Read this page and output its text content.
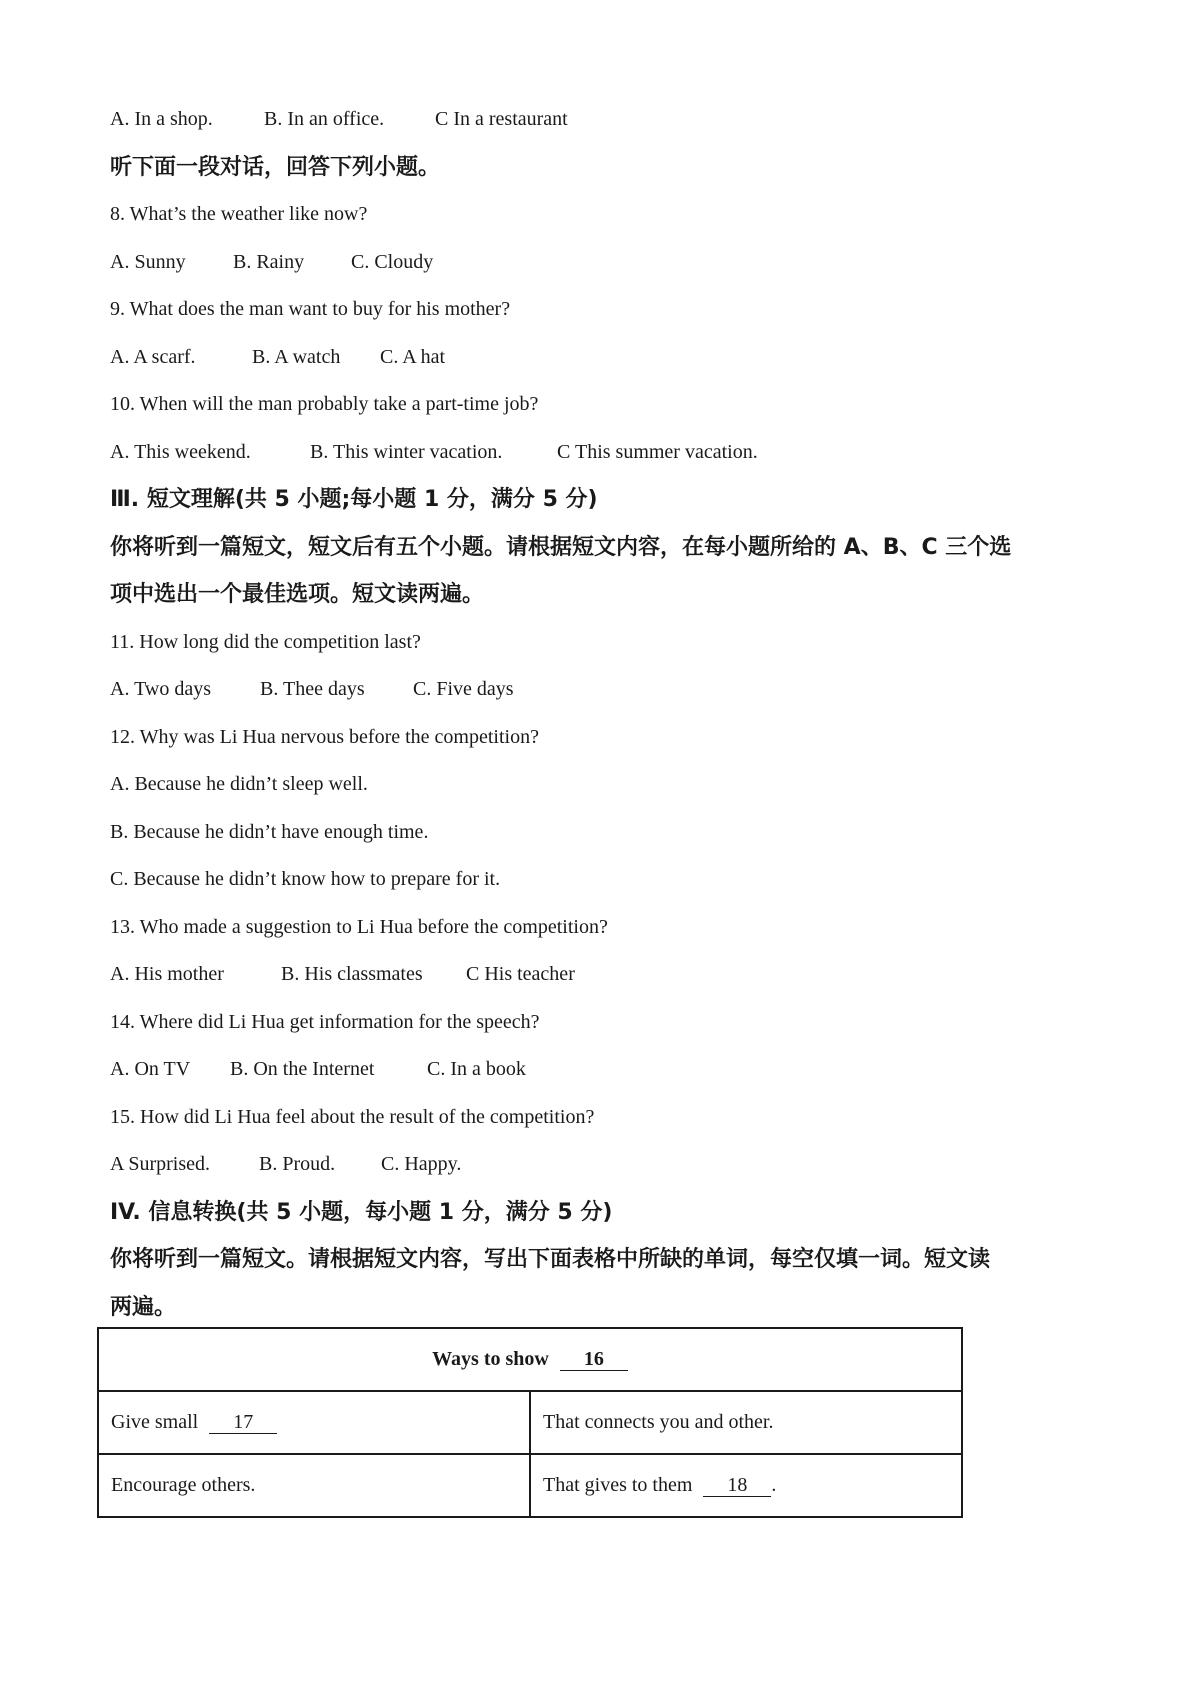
A. In a shop.	B. In an office.	C In a restaurant
听下面一段对话，回答下列小题。
8. What’s the weather like now?
A. Sunny B. Rainy C. Cloudy
9. What does the man want to buy for his mother?
A. A scarf.	B. A watch C. A hat
10. When will the man probably take a part-time job?
A. This weekend.	B. This winter vacation.	C This summer vacation.
Ⅲ. 短文理解(共 5 小题;每小题 1 分，满分 5 分)
你将听到一篇短文，短文后有五个小题。请根据短文内容，在每小题所给的 A、B、C 三个选
项中选出一个最佳选项。短文读两遍。
11. How long did the competition last?
A. Two days B. Thee days C. Five days
12. Why was Li Hua nervous before the competition?
A. Because he didn’t sleep well.
B. Because he didn’t have enough time.
C. Because he didn’t know how to prepare for it.
13. Who made a suggestion to Li Hua before the competition?
A. His mother	B. His classmates C His teacher
14. Where did Li Hua get information for the speech?
A. On TV B. On the Internet	C. In a book
15. How did Li Hua feel about the result of the competition?
A Surprised. B. Proud. C. Happy.
IV. 信息转换(共 5 小题，每小题 1 分，满分 5 分)
你将听到一篇短文。请根据短文内容，写出下面表格中所缺的单词，每空仅填一词。短文读
两遍。
Ways to show 16	
Give small 17	That connects you and other.
Encourage others.	That gives to them 18 .
